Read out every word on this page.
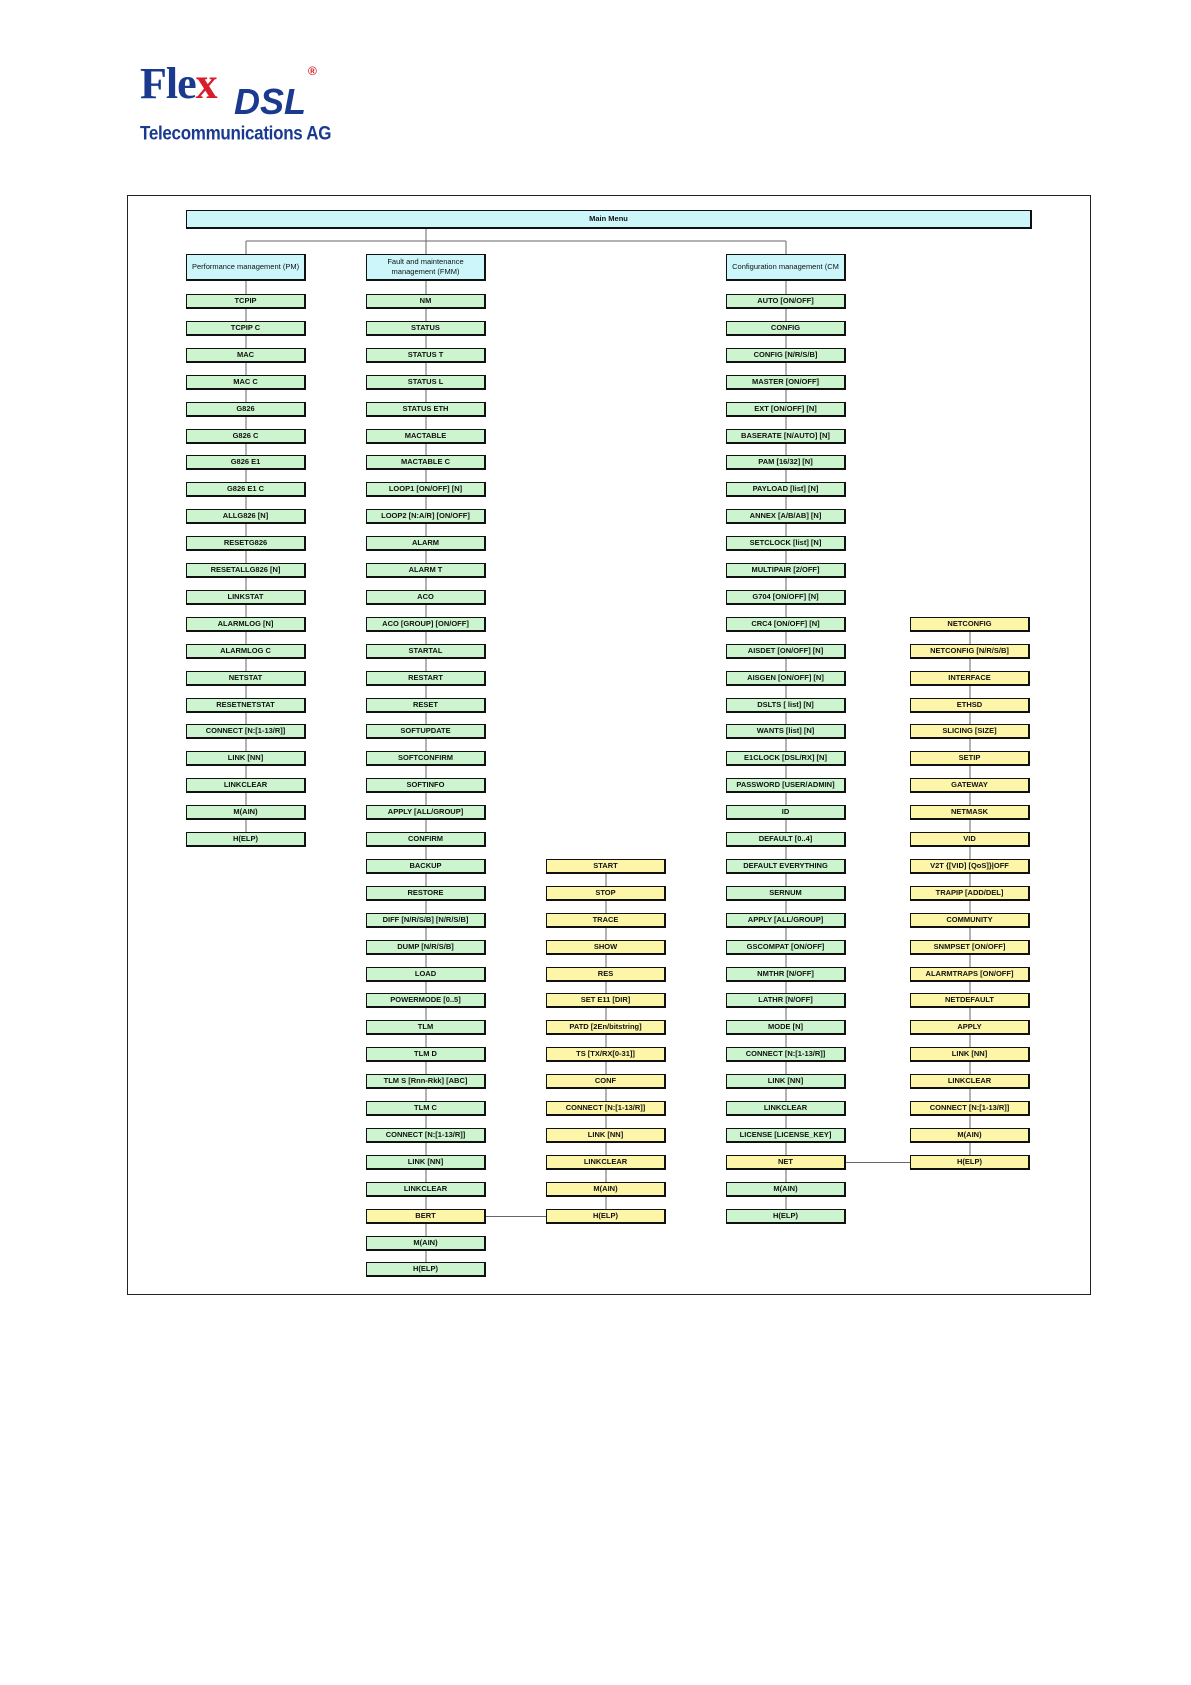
Flex DSL
®
Telecommunications AG
Main Menu
Performance management (PM)
Fault and maintenance management (FMM)
Configuration management (CM
TCPIP
TCPIP C
MAC
MAC C
G826
G826 C
G826 E1
G826 E1 C
ALLG826 [N]
RESETG826
RESETALLG826 [N]
LINKSTAT
ALARMLOG [N]
ALARMLOG C
NETSTAT
RESETNETSTAT
CONNECT [N:[1-13/R]]
LINK [NN]
LINKCLEAR
M(AIN)
H(ELP)
NM
STATUS
STATUS T
STATUS L
STATUS ETH
MACTABLE
MACTABLE C
LOOP1 [ON/OFF] [N]
LOOP2 [N:A/R] [ON/OFF]
ALARM
ALARM T
ACO
ACO [GROUP] [ON/OFF]
STARTAL
RESTART
RESET
SOFTUPDATE
SOFTCONFIRM
SOFTINFO
APPLY [ALL/GROUP]
CONFIRM
BACKUP
RESTORE
DIFF [N/R/S/B] [N/R/S/B]
DUMP [N/R/S/B]
LOAD
POWERMODE [0..5]
TLM
TLM D
TLM S [Rnn-Rkk] [ABC]
TLM C
CONNECT [N:[1-13/R]]
LINK [NN]
LINKCLEAR
BERT
M(AIN)
H(ELP)
START
STOP
TRACE
SHOW
RES
SET E11 [DIR]
PATD [2En/bitstring]
TS [TX/RX[0-31]]
CONF
CONNECT [N:[1-13/R]]
LINK [NN]
LINKCLEAR
M(AIN)
H(ELP)
AUTO [ON/OFF]
CONFIG
CONFIG [N/R/S/B]
MASTER [ON/OFF]
EXT [ON/OFF] [N]
BASERATE [N/AUTO] [N]
PAM [16/32] [N]
PAYLOAD [list] [N]
ANNEX [A/B/AB] [N]
SETCLOCK [list] [N]
MULTIPAIR [2/OFF]
G704 [ON/OFF] [N]
CRC4 [ON/OFF] [N]
AISDET [ON/OFF] [N]
AISGEN [ON/OFF] [N]
DSLTS [ list] [N]
WANTS [list] [N]
E1CLOCK [DSL/RX] [N]
PASSWORD [USER/ADMIN]
ID
DEFAULT [0..4]
DEFAULT EVERYTHING
SERNUM
APPLY [ALL/GROUP]
GSCOMPAT [ON/OFF]
NMTHR [N/OFF]
LATHR [N/OFF]
MODE [N]
CONNECT [N:[1-13/R]]
LINK [NN]
LINKCLEAR
LICENSE [LICENSE_KEY]
NET
M(AIN)
H(ELP)
NETCONFIG
NETCONFIG [N/R/S/B]
INTERFACE
ETHSD
SLICING [SIZE]
SETIP
GATEWAY
NETMASK
VID
V2T {[VID] [QoS]}|OFF
TRAPIP [ADD/DEL]
COMMUNITY
SNMPSET [ON/OFF]
ALARMTRAPS [ON/OFF]
NETDEFAULT
APPLY
LINK [NN]
LINKCLEAR
CONNECT [N:[1-13/R]]
M(AIN)
H(ELP)
